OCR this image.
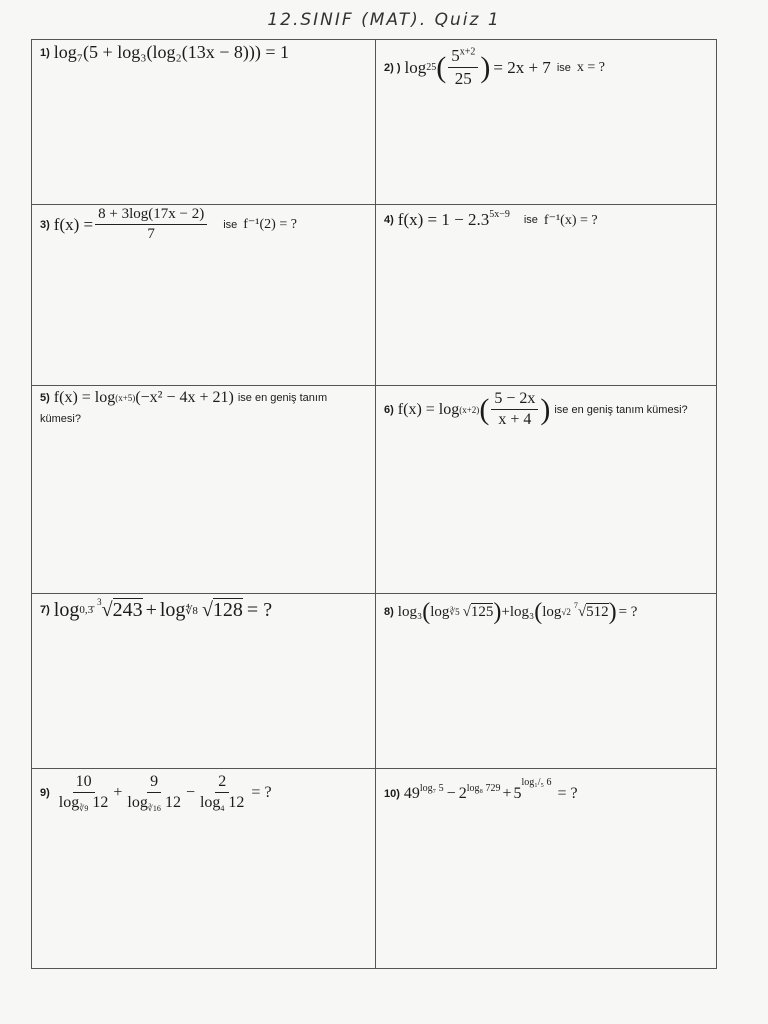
12.SINIF (MAT). Quiz 1
1) log₇(5 + log₃(log₂(13x − 8))) = 1
2) ) log 25 ( $\frac{5^{x+2}}{25}$ ) = 2x + 7 ise x = ?
3) $f(x) = \frac{8 + 3\log(17x - 2)}{7}$ ise f⁻¹(2) = ?	4) $f(x) = 1 - 2.3^{5x-9}$ ise f⁻¹(x) = ?
5) f(x) = log (x+5) (−x² − 4x + 21) ise en geniş tanım
kümesi?
6) f(x) = log (x+2) ( $\frac{5 - 2x}{x + 4}$ ) ise en geniş tanım kümesi?
7) log 0,3̄
$^3$ √ 243 + log ∜8 √ 128 = ?	8) log₃ ( log ∛5 √ 125 ) + log₃ ( log √2
$^7$ √ 512 ) = ?
$9) \frac{10}{\log_{∛9} 12} + \frac{9}{\log_{∛16} 12} - \frac{2}{\log_4 12}$ = ?	10) $49^{log_7 5} - 2^{log_8 729} + 5$
$^{log_1/_5 6}$
= ?
